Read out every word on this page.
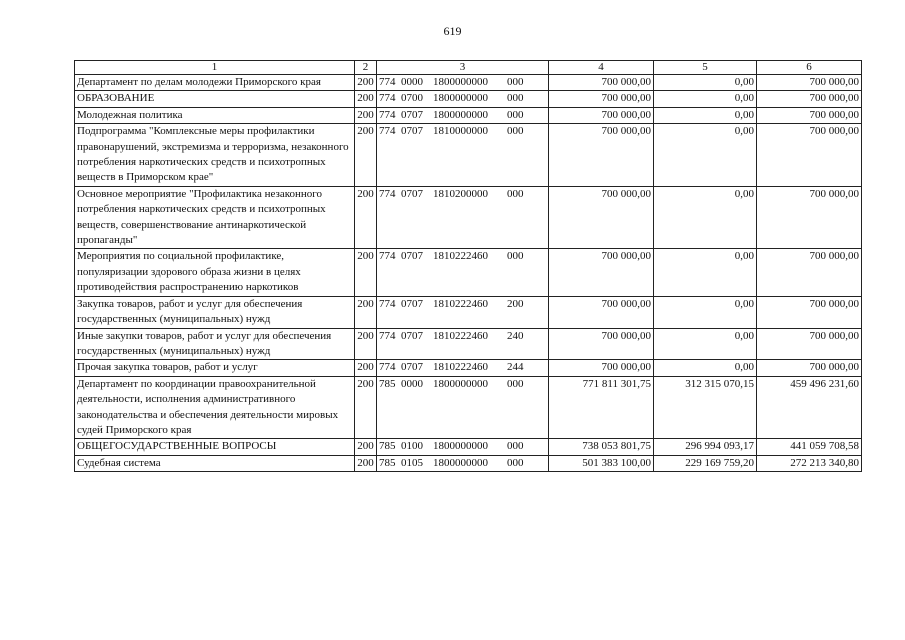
619
1	2	3	4	5	6
Департамент по делам молодежи Приморского края	200	774 0000 1800000000 000	700 000,00	0,00	700 000,00
ОБРАЗОВАНИЕ	200	774 0700 1800000000 000	700 000,00	0,00	700 000,00
Молодежная политика	200	774 0707 1800000000 000	700 000,00	0,00	700 000,00
Подпрограмма "Комплексные меры профилактики правонарушений, экстремизма и терроризма, незаконного потребления наркотических средств и психотропных веществ в Приморском крае"	200	774 0707 1810000000 000	700 000,00	0,00	700 000,00
Основное мероприятие "Профилактика незаконного потребления наркотических средств и психотропных веществ, совершенствование антинаркотической пропаганды"	200	774 0707 1810200000 000	700 000,00	0,00	700 000,00
Мероприятия по социальной профилактике, популяризации здорового образа жизни в целях противодействия распространению наркотиков	200	774 0707 1810222460 000	700 000,00	0,00	700 000,00
Закупка товаров, работ и услуг для обеспечения государственных (муниципальных) нужд	200	774 0707 1810222460 200	700 000,00	0,00	700 000,00
Иные закупки товаров, работ и услуг для обеспечения государственных (муниципальных) нужд	200	774 0707 1810222460 240	700 000,00	0,00	700 000,00
Прочая закупка товаров, работ и услуг	200	774 0707 1810222460 244	700 000,00	0,00	700 000,00
Департамент по координации правоохранительной деятельности, исполнения административного законодательства и обеспечения деятельности мировых судей Приморского края	200	785 0000 1800000000 000	771 811 301,75	312 315 070,15	459 496 231,60
ОБЩЕГОСУДАРСТВЕННЫЕ ВОПРОСЫ	200	785 0100 1800000000 000	738 053 801,75	296 994 093,17	441 059 708,58
Судебная система	200	785 0105 1800000000 000	501 383 100,00	229 169 759,20	272 213 340,80
